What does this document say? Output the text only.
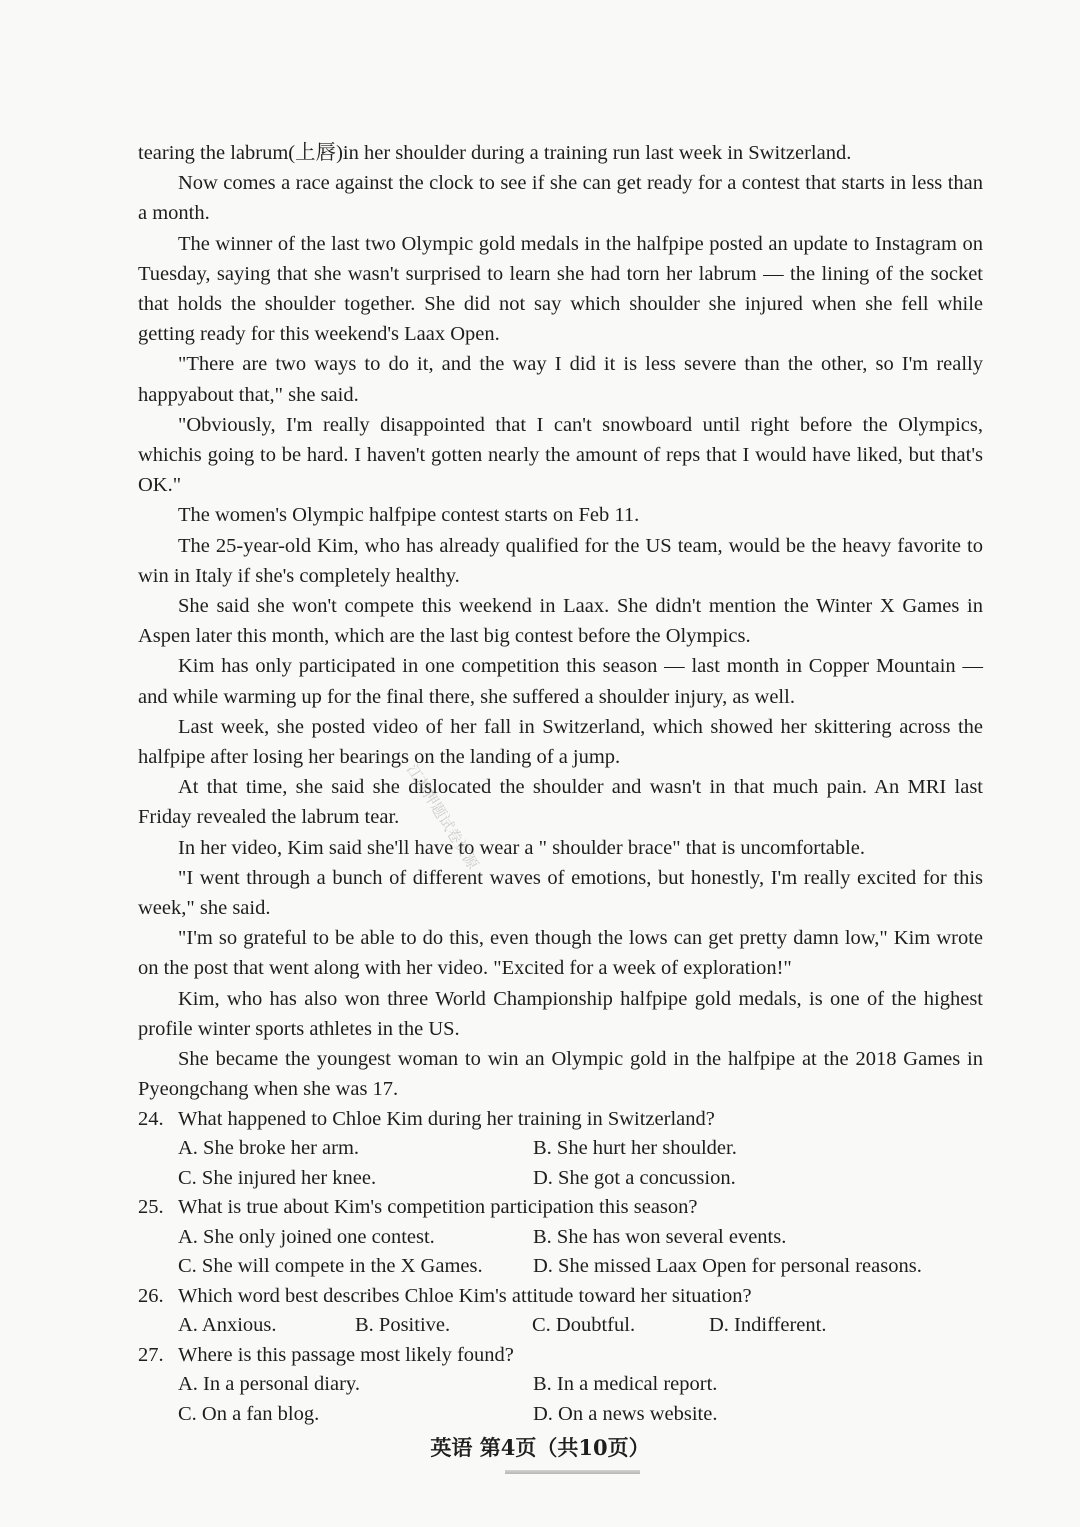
tearing the labrum(上唇)in her shoulder during a training run last week in Switzerland.

Now comes a race against the clock to see if she can get ready for a contest that starts in less than a month.

The winner of the last two Olympic gold medals in the halfpipe posted an update to Instagram on Tuesday, saying that she wasn't surprised to learn she had torn her labrum — the lining of the socket that holds the shoulder together. She did not say which shoulder she injured when she fell while getting ready for this weekend's Laax Open.

"There are two ways to do it, and the way I did it is less severe than the other, so I'm really happyabout that," she said.

"Obviously, I'm really disappointed that I can't snowboard until right before the Olympics, whichis going to be hard. I haven't gotten nearly the amount of reps that I would have liked, but that's OK."

The women's Olympic halfpipe contest starts on Feb 11.

The 25-year-old Kim, who has already qualified for the US team, would be the heavy favorite to win in Italy if she's completely healthy.

She said she won't compete this weekend in Laax. She didn't mention the Winter X Games in Aspen later this month, which are the last big contest before the Olympics.

Kim has only participated in one competition this season — last month in Copper Mountain — and while warming up for the final there, she suffered a shoulder injury, as well.

Last week, she posted video of her fall in Switzerland, which showed her skittering across the halfpipe after losing her bearings on the landing of a jump.

At that time, she said she dislocated the shoulder and wasn't in that much pain. An MRI last Friday revealed the labrum tear.

In her video, Kim said she'll have to wear a " shoulder brace" that is uncomfortable.

"I went through a bunch of different waves of emotions, but honestly, I'm really excited for this week," she said.

"I'm so grateful to be able to do this, even though the lows can get pretty damn low," Kim wrote on the post that went along with her video. "Excited for a week of exploration!"

Kim, who has also won three World Championship halfpipe gold medals, is one of the highest profile winter sports athletes in the US.

She became the youngest woman to win an Olympic gold in the halfpipe at the 2018 Games in Pyeongchang when she was 17.

24. What happened to Chloe Kim during her training in Switzerland?
A. She broke her arm.	B. She hurt her shoulder.
C. She injured her knee.	D. She got a concussion.
25. What is true about Kim's competition participation this season?
A. She only joined one contest.	B. She has won several events.
C. She will compete in the X Games.	D. She missed Laax Open for personal reasons.
26. Which word best describes Chloe Kim's attitude toward her situation?
A. Anxious.	B. Positive.	C. Doubtful.	D. Indifferent.
27. Where is this passage most likely found?
A. In a personal diary.	B. In a medical report.
C. On a fan blog.	D. On a news website.
江苏押题试卷资源
英语 第4页（共10页）
